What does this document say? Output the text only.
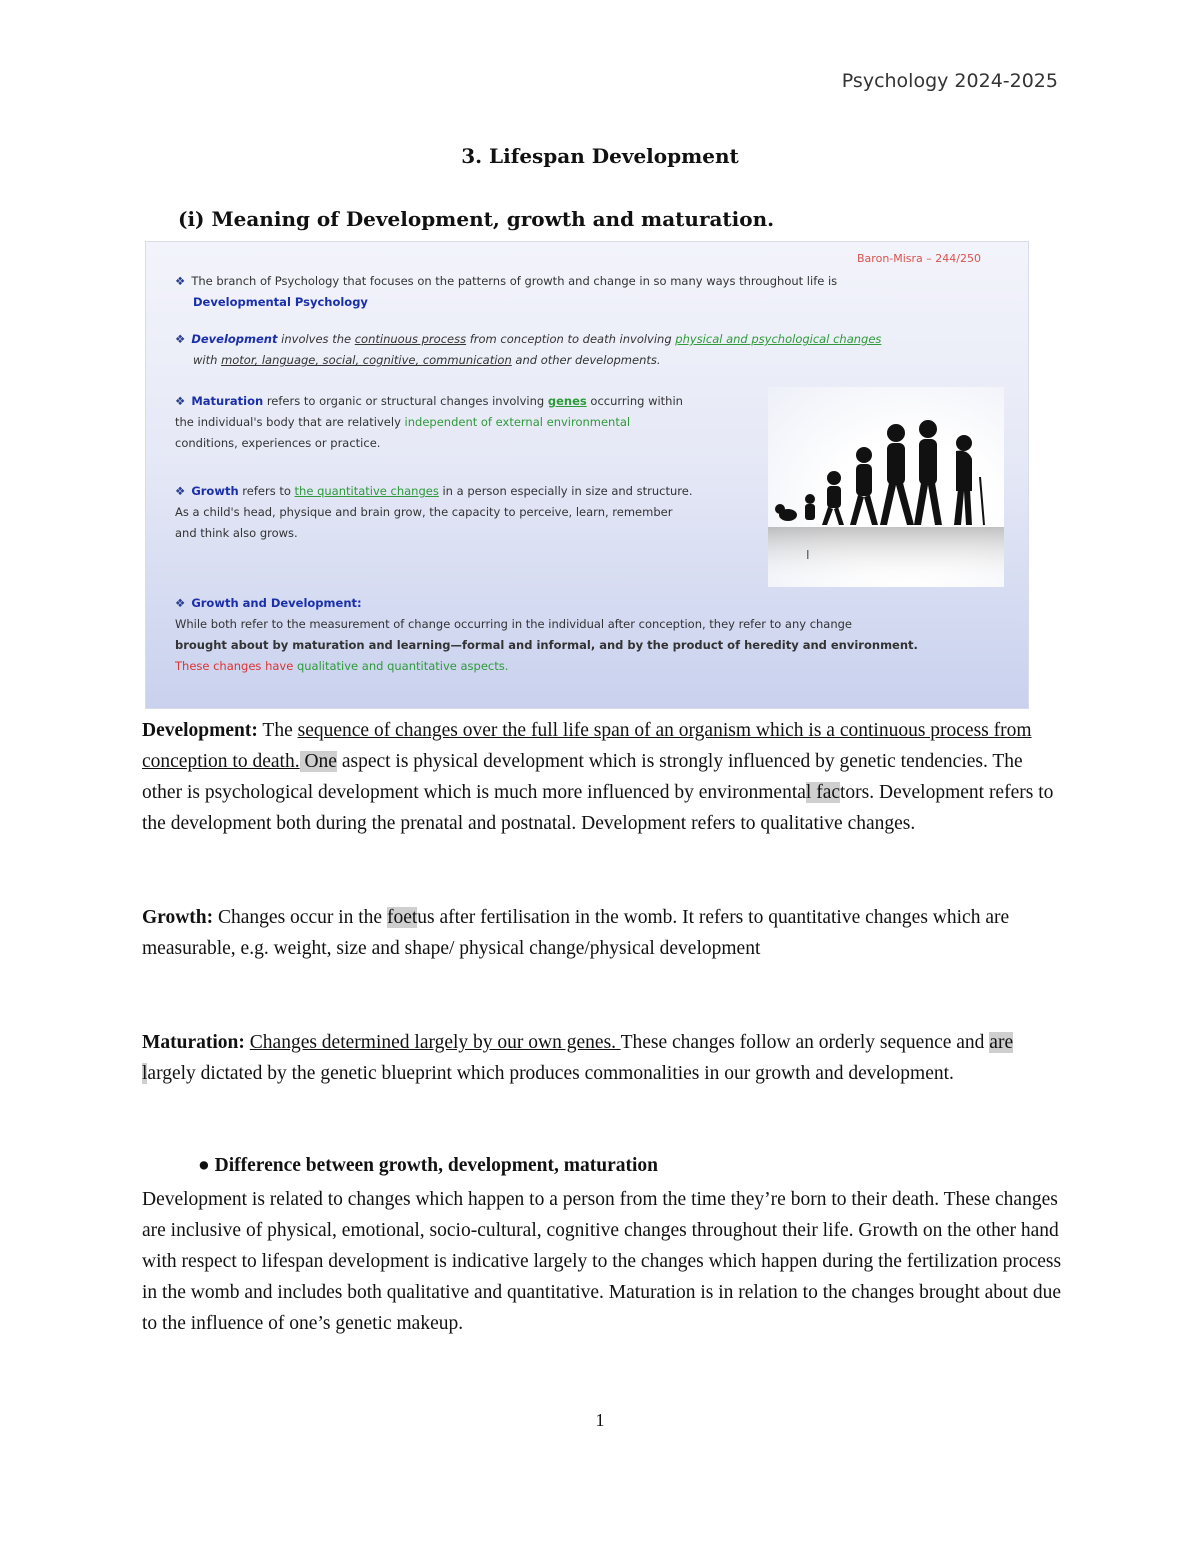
Psychology 2024-2025
3. Lifespan Development
(i) Meaning of Development, growth and maturation.
Baron-Misra – 244/250
❖ The branch of Psychology that focuses on the patterns of growth and change in so many ways throughout life is
Developmental Psychology
❖ Development involves the continuous process from conception to death involving physical and psychological changes
with motor, language, social, cognitive, communication and other developments.
❖ Maturation refers to organic or structural changes involving genes occurring within
the individual's body that are relatively independent of external environmental
conditions, experiences or practice.
❖ Growth refers to the quantitative changes in a person especially in size and structure.
As a child's head, physique and brain grow, the capacity to perceive, learn, remember
and think also grows.
❖ Growth and Development:
While both refer to the measurement of change occurring in the individual after conception, they refer to any change
brought about by maturation and learning—formal and informal, and by the product of heredity and environment.
These changes have qualitative and quantitative aspects.
I
Development: The sequence of changes over the full life span of an organism which is a continuous process from conception to death. One aspect is physical development which is strongly influenced by genetic tendencies. The other is psychological development which is much more influenced by environmental factors. Development refers to the development both during the prenatal and postnatal. Development refers to qualitative changes.
Growth: Changes occur in the foetus after fertilisation in the womb. It refers to quantitative changes which are measurable, e.g. weight, size and shape/ physical change/physical development
Maturation: Changes determined largely by our own genes. These changes follow an orderly sequence and are largely dictated by the genetic blueprint which produces commonalities in our growth and development.
● Difference between growth, development, maturation
Development is related to changes which happen to a person from the time they’re born to their death. These changes are inclusive of physical, emotional, socio-cultural, cognitive changes throughout their life. Growth on the other hand with respect to lifespan development is indicative largely to the changes which happen during the fertilization process in the womb and includes both qualitative and quantitative. Maturation is in relation to the changes brought about due to the influence of one’s genetic makeup.
1
